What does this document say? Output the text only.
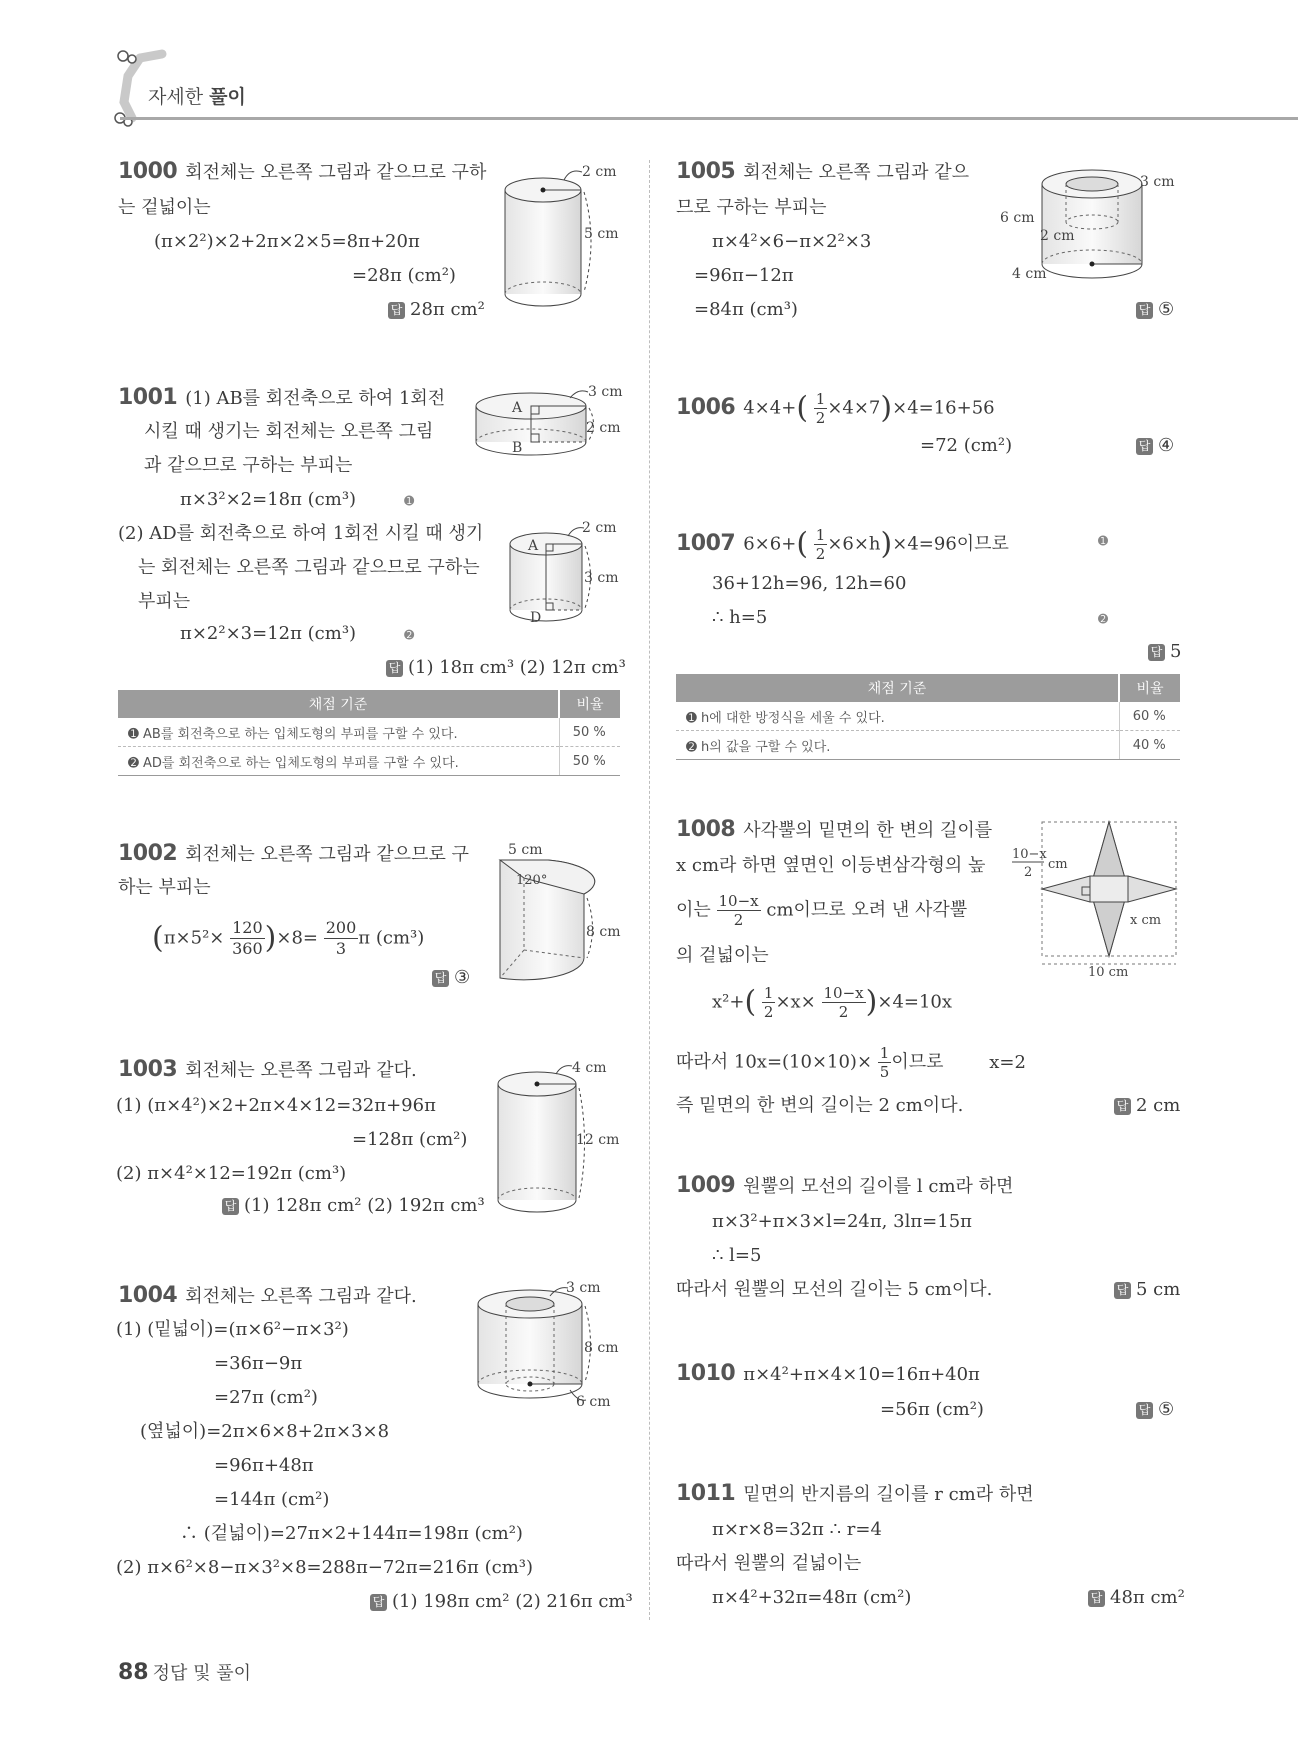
자세한 풀이
1000 회전체는 오른쪽 그림과 같으므로 구하
는 겉넓이는
(π×2²)×2+2π×2×5=8π+20π
=28π (cm²)
답 28π cm²
2 cm
5 cm
1001 (1) AB를 회전축으로 하여 1회전
시킬 때 생기는 회전체는 오른쪽 그림
과 같으므로 구하는 부피는
π×3²×2=18π (cm³)	➊
(2) AD를 회전축으로 하여 1회전 시킬 때 생기
는 회전체는 오른쪽 그림과 같으므로 구하는
부피는
π×2²×3=12π (cm³)	➋
답 (1) 18π cm³ (2) 12π cm³
A
B
3 cm
2 cm
A
D
2 cm
3 cm
채점 기준	비율
➊ AB를 회전축으로 하는 입체도형의 부피를 구할 수 있다.	50 %
➋ AD를 회전축으로 하는 입체도형의 부피를 구할 수 있다.	50 %
1002 회전체는 오른쪽 그림과 같으므로 구
하는 부피는
$(\pi\times 5^2\times \frac{120}{360} )\times 8= \frac{200}{3}$ π (cm³)
답 ③
5 cm
120°
8 cm
1003 회전체는 오른쪽 그림과 같다.
(1) (π×4²)×2+2π×4×12=32π+96π
=128π (cm²)
(2) π×4²×12=192π (cm³)
답 (1) 128π cm² (2) 192π cm³
4 cm
12 cm
1004 회전체는 오른쪽 그림과 같다.
(1) (밑넓이)=(π×6²−π×3²)
=36π−9π
=27π (cm²)
(옆넓이)=2π×6×8+2π×3×8
=96π+48π
=144π (cm²)
∴ (겉넓이)=27π×2+144π=198π (cm²)
(2) π×6²×8−π×3²×8=288π−72π=216π (cm³)
답 (1) 198π cm² (2) 216π cm³
3 cm
8 cm
6 cm
1005 회전체는 오른쪽 그림과 같으
므로 구하는 부피는
π×4²×6−π×2²×3
=96π−12π
=84π (cm³)	답 ⑤
3 cm
6 cm
2 cm
4 cm
1006 $4\times 4+( \frac{1}{2} \times 4\times 7)\times 4=16+56$
=72 (cm²)	답 ④
1007 $6\times 6+( \frac{1}{2} \times 6\times h)\times 4=96$이므로	➊
36+12h=96, 12h=60
∴ h=5	➋
답 5
채점 기준	비율
➊ h에 대한 방정식을 세울 수 있다.	60 %
➋ h의 값을 구할 수 있다.	40 %
1008 사각뿔의 밑면의 한 변의 길이를
x cm라 하면 옆면인 이등변삼각형의 높
이는 $\frac{10-x}{2}$ cm이므로 오려 낸 사각뿔
의 겉넓이는
$x^2+( \frac{1}{2} \times x\times \frac{10-x}{2} )\times 4=10x$
따라서 $10x=(10\times 10)\times \frac{1}{5}$ 이므로	x=2
즉 밑면의 한 변의 길이는 2 cm이다.	답 2 cm
10−x
2
cm
x cm
10 cm
1009 원뿔의 모선의 길이를 l cm라 하면
π×3²+π×3×l=24π, 3lπ=15π
∴ l=5
따라서 원뿔의 모선의 길이는 5 cm이다.	답 5 cm
1010 π×4²+π×4×10=16π+40π
=56π (cm²)	답 ⑤
1011 밑면의 반지름의 길이를 r cm라 하면
π×r×8=32π ∴ r=4
따라서 원뿔의 겉넓이는
π×4²+32π=48π (cm²)	답 48π cm²
88 정답 및 풀이
